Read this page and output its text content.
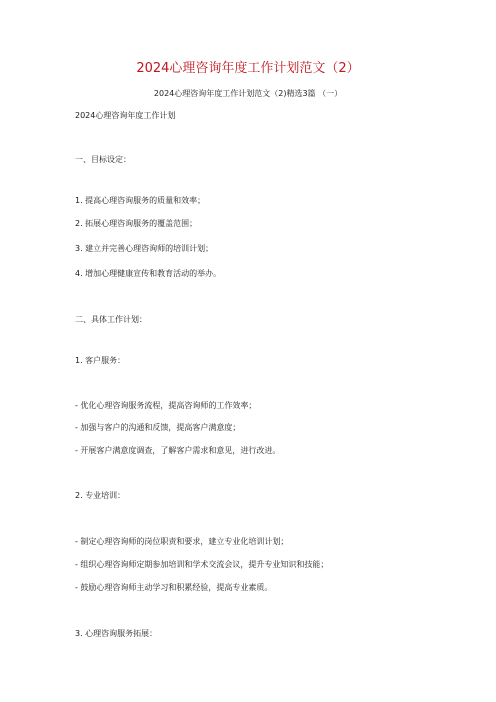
2024心理咨询年度工作计划范文（2）
2024心理咨询年度工作计划范文（2)精选3篇 （一）
2024心理咨询年度工作计划
一、目标设定：
1. 提高心理咨询服务的质量和效率；
2. 拓展心理咨询服务的覆盖范围；
3. 建立并完善心理咨询师的培训计划；
4. 增加心理健康宣传和教育活动的举办。
二、具体工作计划：
1. 客户服务：
- 优化心理咨询服务流程，提高咨询师的工作效率；
- 加强与客户的沟通和反馈，提高客户满意度；
- 开展客户满意度调查，了解客户需求和意见，进行改进。
2. 专业培训：
- 制定心理咨询师的岗位职责和要求，建立专业化培训计划；
- 组织心理咨询师定期参加培训和学术交流会议，提升专业知识和技能；
- 鼓励心理咨询师主动学习和积累经验，提高专业素质。
3. 心理咨询服务拓展：
